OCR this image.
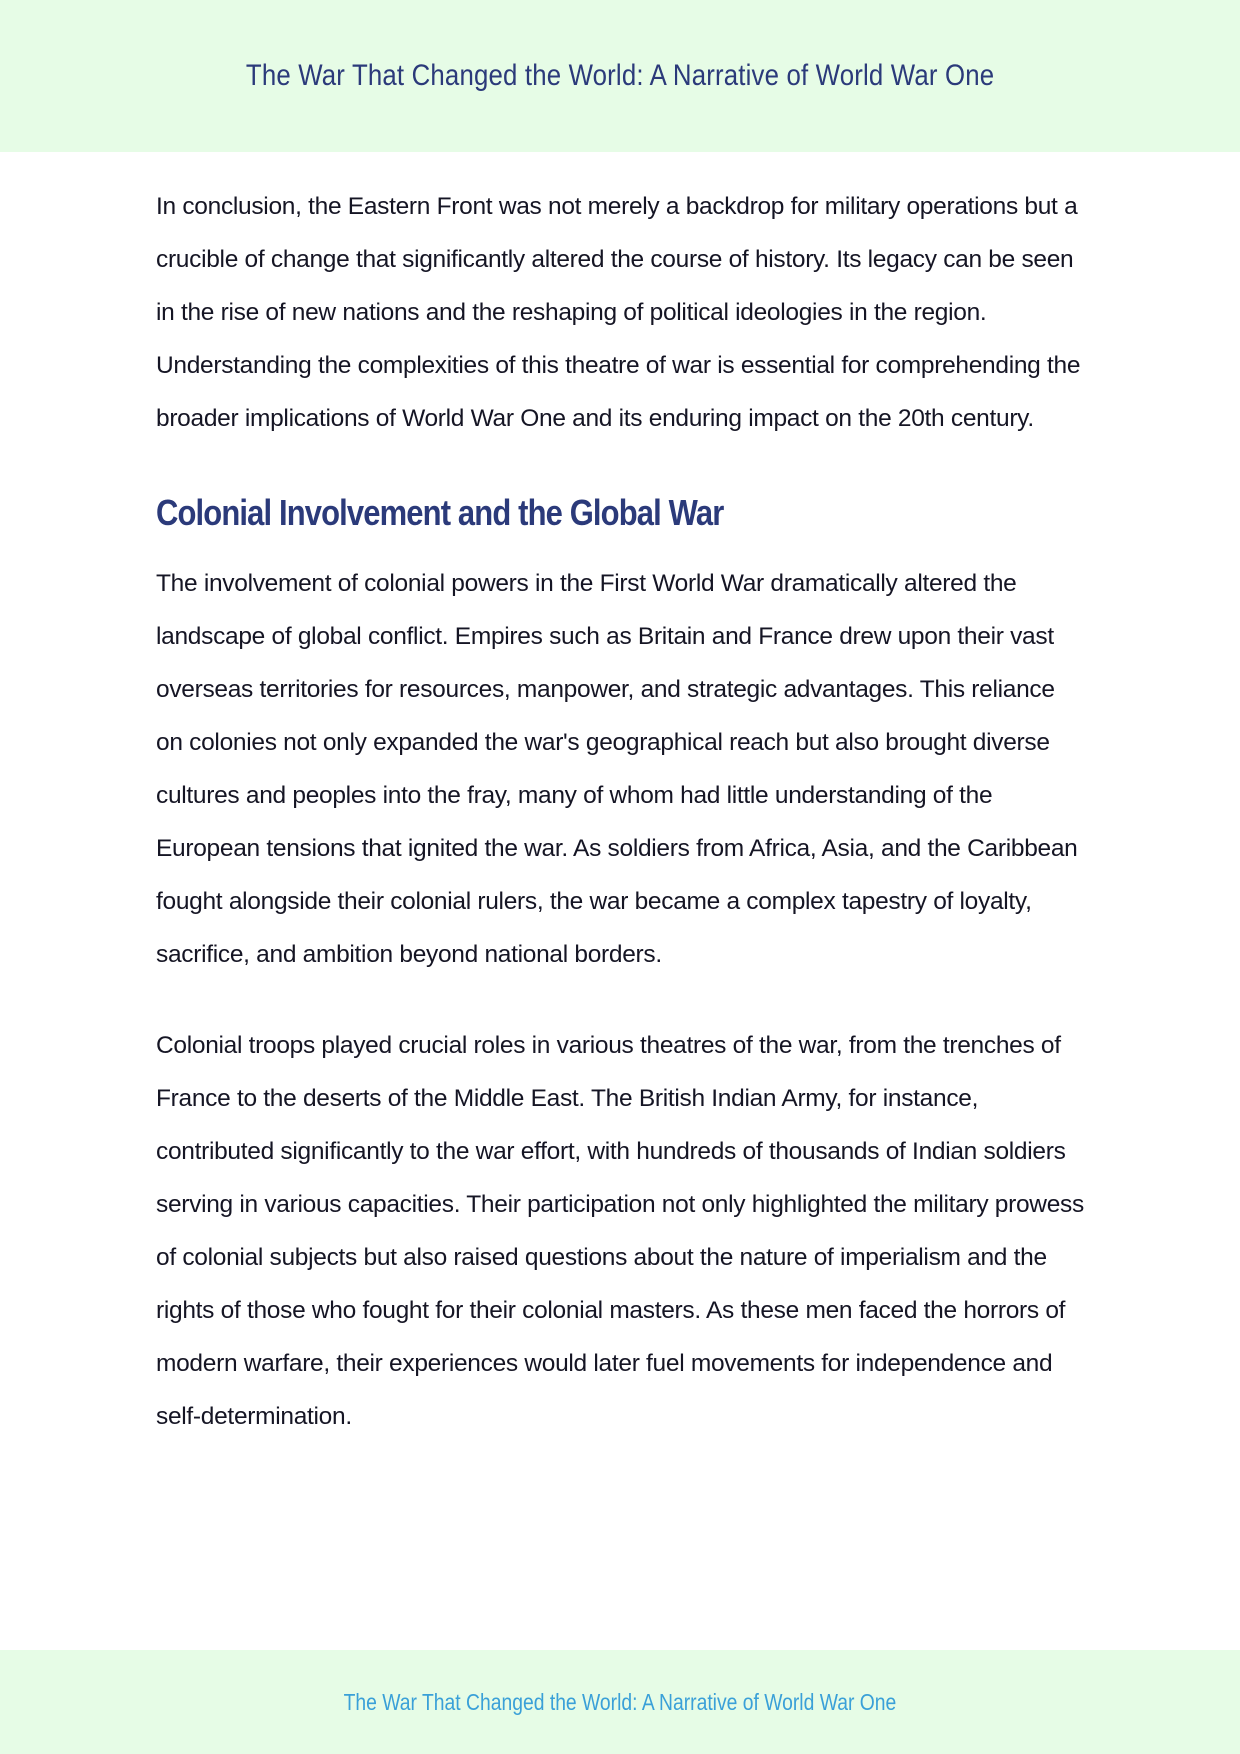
The War That Changed the World: A Narrative of World War One

In conclusion, the Eastern Front was not merely a backdrop for military operations but a crucible of change that significantly altered the course of history. Its legacy can be seen in the rise of new nations and the reshaping of political ideologies in the region. Understanding the complexities of this theatre of war is essential for comprehending the broader implications of World War One and its enduring impact on the 20th century.

Colonial Involvement and the Global War

The involvement of colonial powers in the First World War dramatically altered the landscape of global conflict. Empires such as Britain and France drew upon their vast overseas territories for resources, manpower, and strategic advantages. This reliance on colonies not only expanded the war's geographical reach but also brought diverse cultures and peoples into the fray, many of whom had little understanding of the European tensions that ignited the war. As soldiers from Africa, Asia, and the Caribbean fought alongside their colonial rulers, the war became a complex tapestry of loyalty, sacrifice, and ambition beyond national borders.

Colonial troops played crucial roles in various theatres of the war, from the trenches of France to the deserts of the Middle East. The British Indian Army, for instance, contributed significantly to the war effort, with hundreds of thousands of Indian soldiers serving in various capacities. Their participation not only highlighted the military prowess of colonial subjects but also raised questions about the nature of imperialism and the rights of those who fought for their colonial masters. As these men faced the horrors of modern warfare, their experiences would later fuel movements for independence and self-determination.

The War That Changed the World: A Narrative of World War One
